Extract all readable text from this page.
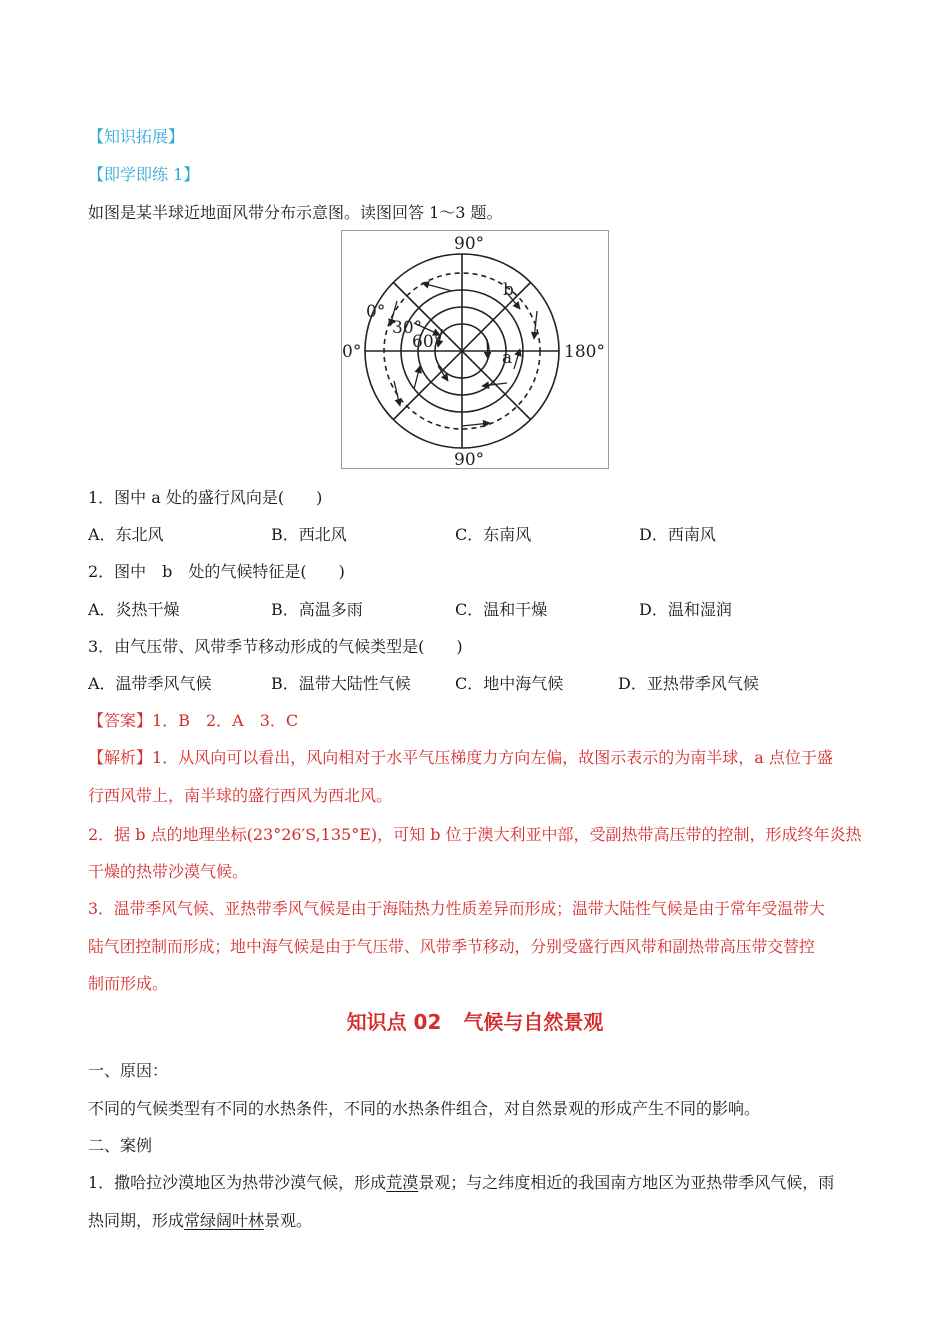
【知识拓展】
【即学即练 1】
如图是某半球近地面风带分布示意图。读图回答 1～3 题。
90°
90°
0°	180°
0°
30°
60°
a
b
1．图中 a 处的盛行风向是(　　)
A．东北风	B．西北风	C．东南风	D．西南风
2．图中　b　处的气候特征是(　　)
A．炎热干燥	B．高温多雨	C．温和干燥	D．温和湿润
3．由气压带、风带季节移动形成的气候类型是(　　)
A．温带季风气候	B．温带大陆性气候	C．地中海气候	D．亚热带季风气候
【答案】1．B　2．A　3．C
【解析】1．从风向可以看出，风向相对于水平气压梯度力方向左偏，故图示表示的为南半球，a 点位于盛
行西风带上，南半球的盛行西风为西北风。
2．据 b 点的地理坐标(23°26′S,135°E)，可知 b 位于澳大利亚中部，受副热带高压带的控制，形成终年炎热
干燥的热带沙漠气候。
3．温带季风气候、亚热带季风气候是由于海陆热力性质差异而形成；温带大陆性气候是由于常年受温带大
陆气团控制而形成；地中海气候是由于气压带、风带季节移动，分别受盛行西风带和副热带高压带交替控
制而形成。
知识点 02 气候与自然景观
一、原因：
不同的气候类型有不同的水热条件，不同的水热条件组合，对自然景观的形成产生不同的影响。
二、案例
1．撒哈拉沙漠地区为热带沙漠气候，形成荒漠景观；与之纬度相近的我国南方地区为亚热带季风气候，雨
热同期，形成常绿阔叶林景观。
